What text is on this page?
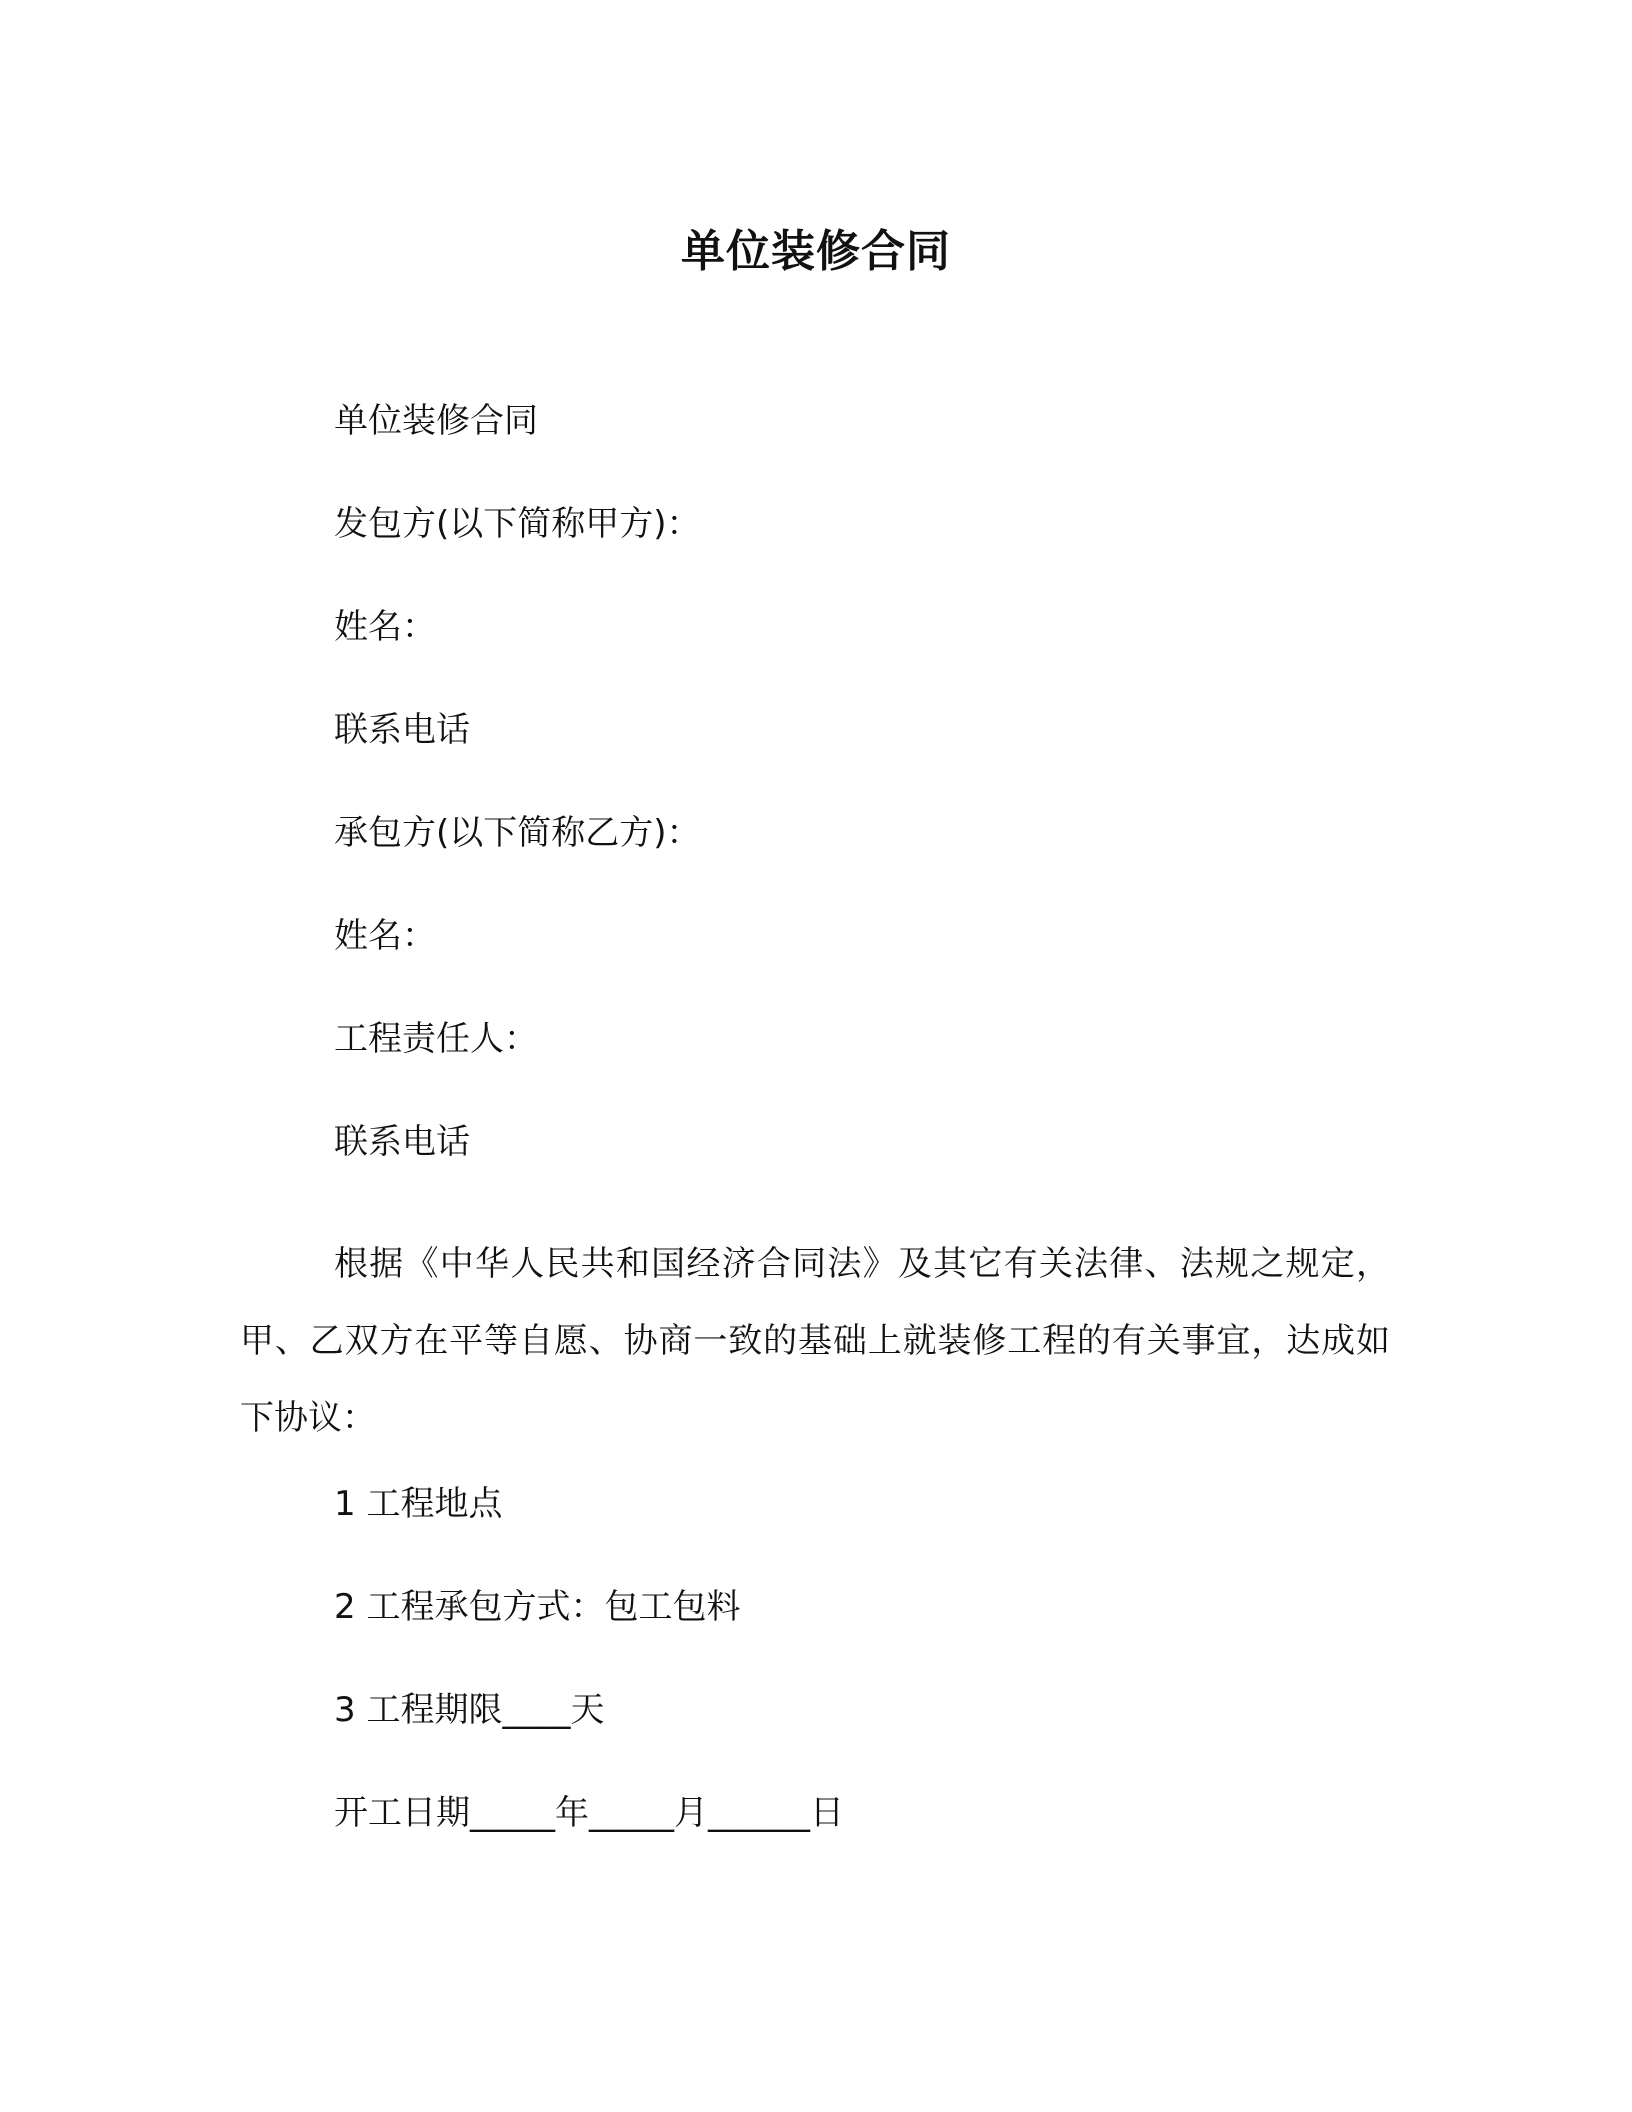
单位装修合同
单位装修合同
发包方(以下简称甲方)：
姓名：
联系电话
承包方(以下简称乙方)：
姓名：
工程责任人：
联系电话

根据《中华人民共和国经济合同法》及其它有关法律、法规之规定，甲、乙双方在平等自愿、协商一致的基础上就装修工程的有关事宜，达成如下协议：

1 工程地点
2 工程承包方式：包工包料
3 工程期限____天
开工日期_____年_____月______日
